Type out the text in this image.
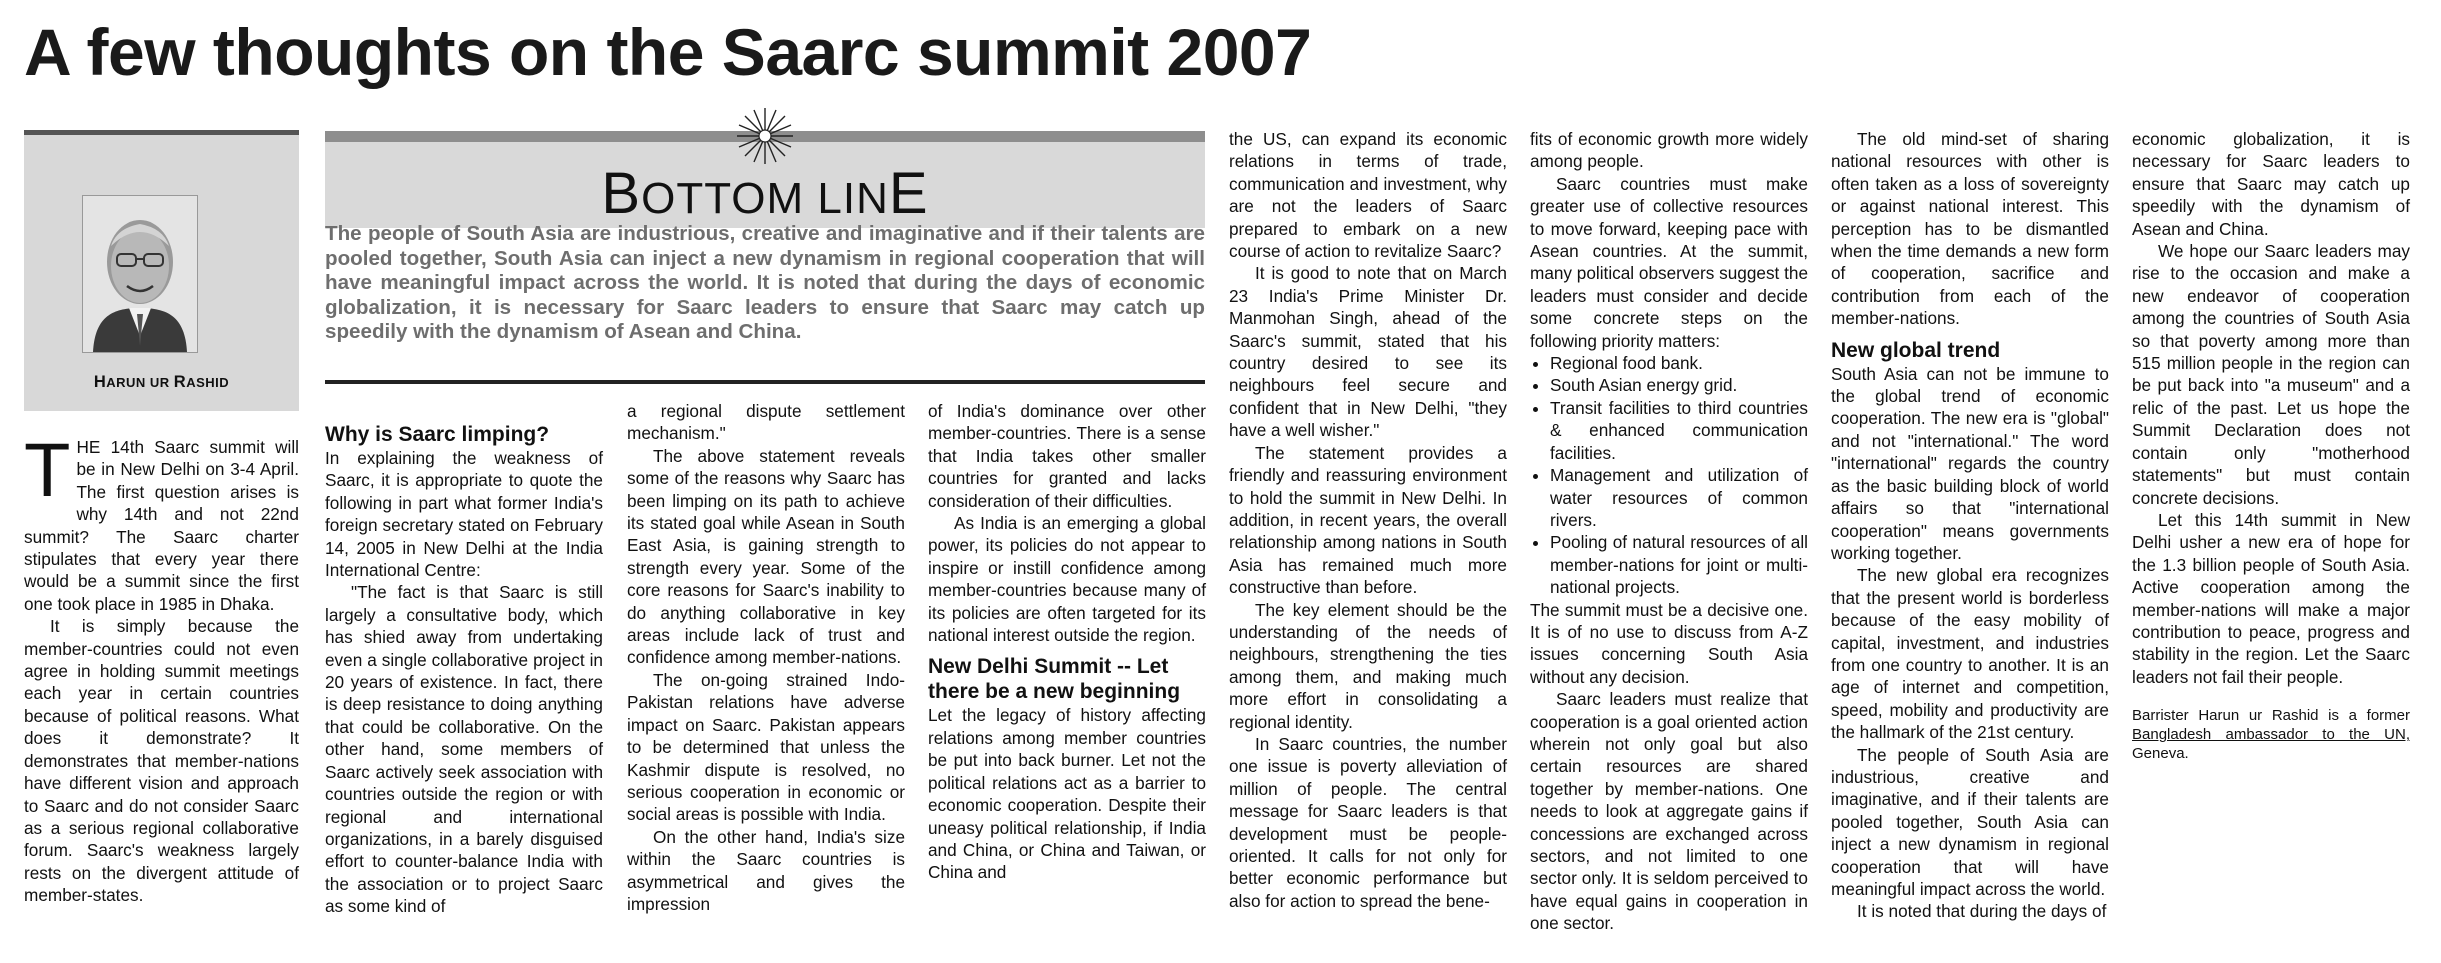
A few thoughts on the Saarc summit 2007
HARUN UR RASHID
BOTTOM LINE
The people of South Asia are industrious, creative and imaginative and if their talents are pooled together, South Asia can inject a new dynamism in regional cooperation that will have meaningful impact across the world. It is noted that during the days of economic globalization, it is necessary for Saarc leaders to ensure that Saarc may catch up speedily with the dynamism of Asean and China.

THE 14th Saarc summit will be in New Delhi on 3-4 April. The first question arises is why 14th and not 22nd summit? The Saarc charter stipulates that every year there would be a summit since the first one took place in 1985 in Dhaka.

It is simply because the member-countries could not even agree in holding summit meetings each year in certain countries because of political reasons. What does it demonstrate? It demonstrates that member-nations have different vision and approach to Saarc and do not consider Saarc as a serious regional collaborative forum. Saarc's weakness largely rests on the divergent attitude of member-states.

Why is Saarc limping?

In explaining the weakness of Saarc, it is appropriate to quote the following in part what former India's foreign secretary stated on February 14, 2005 in New Delhi at the India International Centre:

"The fact is that Saarc is still largely a consultative body, which has shied away from undertaking even a single collaborative project in 20 years of existence. In fact, there is deep resistance to doing anything that could be collaborative. On the other hand, some members of Saarc actively seek association with countries outside the region or with regional and international organizations, in a barely disguised effort to counter-balance India with the association or to project Saarc as some kind of

a regional dispute settlement mechanism."

The above statement reveals some of the reasons why Saarc has been limping on its path to achieve its stated goal while Asean in South East Asia, is gaining strength to strength every year. Some of the core reasons for Saarc's inability to do anything collaborative in key areas include lack of trust and confidence among member-nations.

The on-going strained Indo-Pakistan relations have adverse impact on Saarc. Pakistan appears to be determined that unless the Kashmir dispute is resolved, no serious cooperation in economic or social areas is possible with India.

On the other hand, India's size within the Saarc countries is asymmetrical and gives the impression

of India's dominance over other member-countries. There is a sense that India takes other smaller countries for granted and lacks consideration of their difficulties.

As India is an emerging a global power, its policies do not appear to inspire or instill confidence among member-countries because many of its policies are often targeted for its national interest outside the region.

New Delhi Summit -- Let there be a new beginning

Let the legacy of history affecting relations among member countries be put into back burner. Let not the political relations act as a barrier to economic cooperation. Despite their uneasy political relationship, if India and China, or China and Taiwan, or China and

the US, can expand its economic relations in terms of trade, communication and investment, why are not the leaders of Saarc prepared to embark on a new course of action to revitalize Saarc?

It is good to note that on March 23 India's Prime Minister Dr. Manmohan Singh, ahead of the Saarc's summit, stated that his country desired to see its neighbours feel secure and confident that in New Delhi, "they have a well wisher."

The statement provides a friendly and reassuring environment to hold the summit in New Delhi. In addition, in recent years, the overall relationship among nations in South Asia has remained much more constructive than before.

The key element should be the understanding of the needs of neighbours, strengthening the ties among them, and making much more effort in consolidating a regional identity.

In Saarc countries, the number one issue is poverty alleviation of million of people. The central message for Saarc leaders is that development must be people-oriented. It calls for not only for better economic performance but also for action to spread the bene-

fits of economic growth more widely among people.

Saarc countries must make greater use of collective resources to move forward, keeping pace with Asean countries. At the summit, many political observers suggest the leaders must consider and decide some concrete steps on the following priority matters:

• Regional food bank.
• South Asian energy grid.
• Transit facilities to third countries & enhanced communication facilities.
• Management and utilization of water resources of common rivers.
• Pooling of natural resources of all member-nations for joint or multi-national projects.

The summit must be a decisive one. It is of no use to discuss from A-Z issues concerning South Asia without any decision.

Saarc leaders must realize that cooperation is a goal oriented action wherein not only goal but also certain resources are shared together by member-nations. One needs to look at aggregate gains if concessions are exchanged across sectors, and not limited to one sector only. It is seldom perceived to have equal gains in cooperation in one sector.

The old mind-set of sharing national resources with other is often taken as a loss of sovereignty or against national interest. This perception has to be dismantled when the time demands a new form of cooperation, sacrifice and contribution from each of the member-nations.

New global trend

South Asia can not be immune to the global trend of economic cooperation. The new era is "global" and not "international." The word "international" regards the country as the basic building block of world affairs so that "international cooperation" means governments working together.

The new global era recognizes that the present world is borderless because of the easy mobility of capital, investment, and industries from one country to another. It is an age of internet and competition, speed, mobility and productivity are the hallmark of the 21st century.

The people of South Asia are industrious, creative and imaginative, and if their talents are pooled together, South Asia can inject a new dynamism in regional cooperation that will have meaningful impact across the world.

It is noted that during the days of

economic globalization, it is necessary for Saarc leaders to ensure that Saarc may catch up speedily with the dynamism of Asean and China.

We hope our Saarc leaders may rise to the occasion and make a new endeavor of cooperation among the countries of South Asia so that poverty among more than 515 million people in the region can be put back into "a museum" and a relic of the past. Let us hope the Summit Declaration does not contain only "motherhood statements" but must contain concrete decisions.

Let this 14th summit in New Delhi usher a new era of hope for the 1.3 billion people of South Asia. Active cooperation among the member-nations will make a major contribution to peace, progress and stability in the region. Let the Saarc leaders not fail their people.

Barrister Harun ur Rashid is a former Bangladesh ambassador to the UN, Geneva.
